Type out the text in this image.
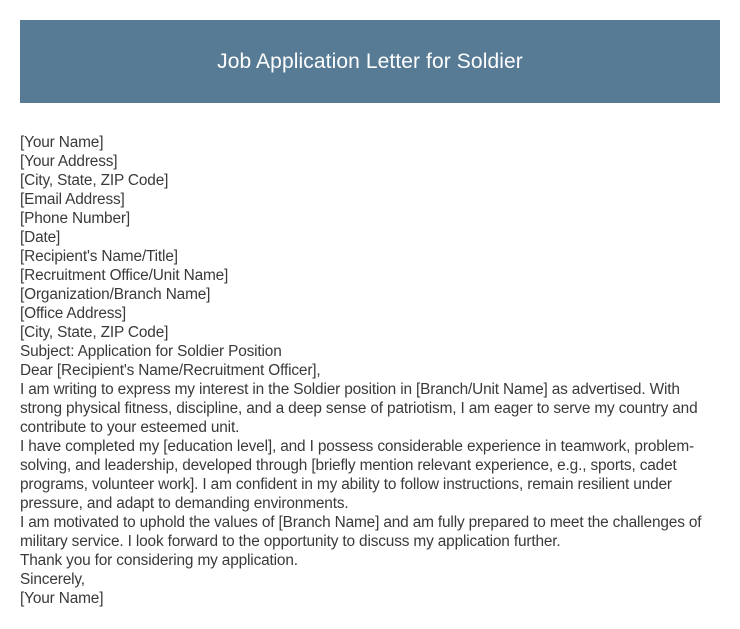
Job Application Letter for Soldier

[Your Name]

[Your Address]

[City, State, ZIP Code]

[Email Address]

[Phone Number]

[Date]

[Recipient's Name/Title]

[Recruitment Office/Unit Name]

[Organization/Branch Name]

[Office Address]

[City, State, ZIP Code]

Subject: Application for Soldier Position

Dear [Recipient's Name/Recruitment Officer],

I am writing to express my interest in the Soldier position in [Branch/Unit Name] as advertised. With strong physical fitness, discipline, and a deep sense of patriotism, I am eager to serve my country and contribute to your esteemed unit.

I have completed my [education level], and I possess considerable experience in teamwork, problem-solving, and leadership, developed through [briefly mention relevant experience, e.g., sports, cadet programs, volunteer work]. I am confident in my ability to follow instructions, remain resilient under pressure, and adapt to demanding environments.

I am motivated to uphold the values of [Branch Name] and am fully prepared to meet the challenges of military service. I look forward to the opportunity to discuss my application further.

Thank you for considering my application.

Sincerely,

[Your Name]
